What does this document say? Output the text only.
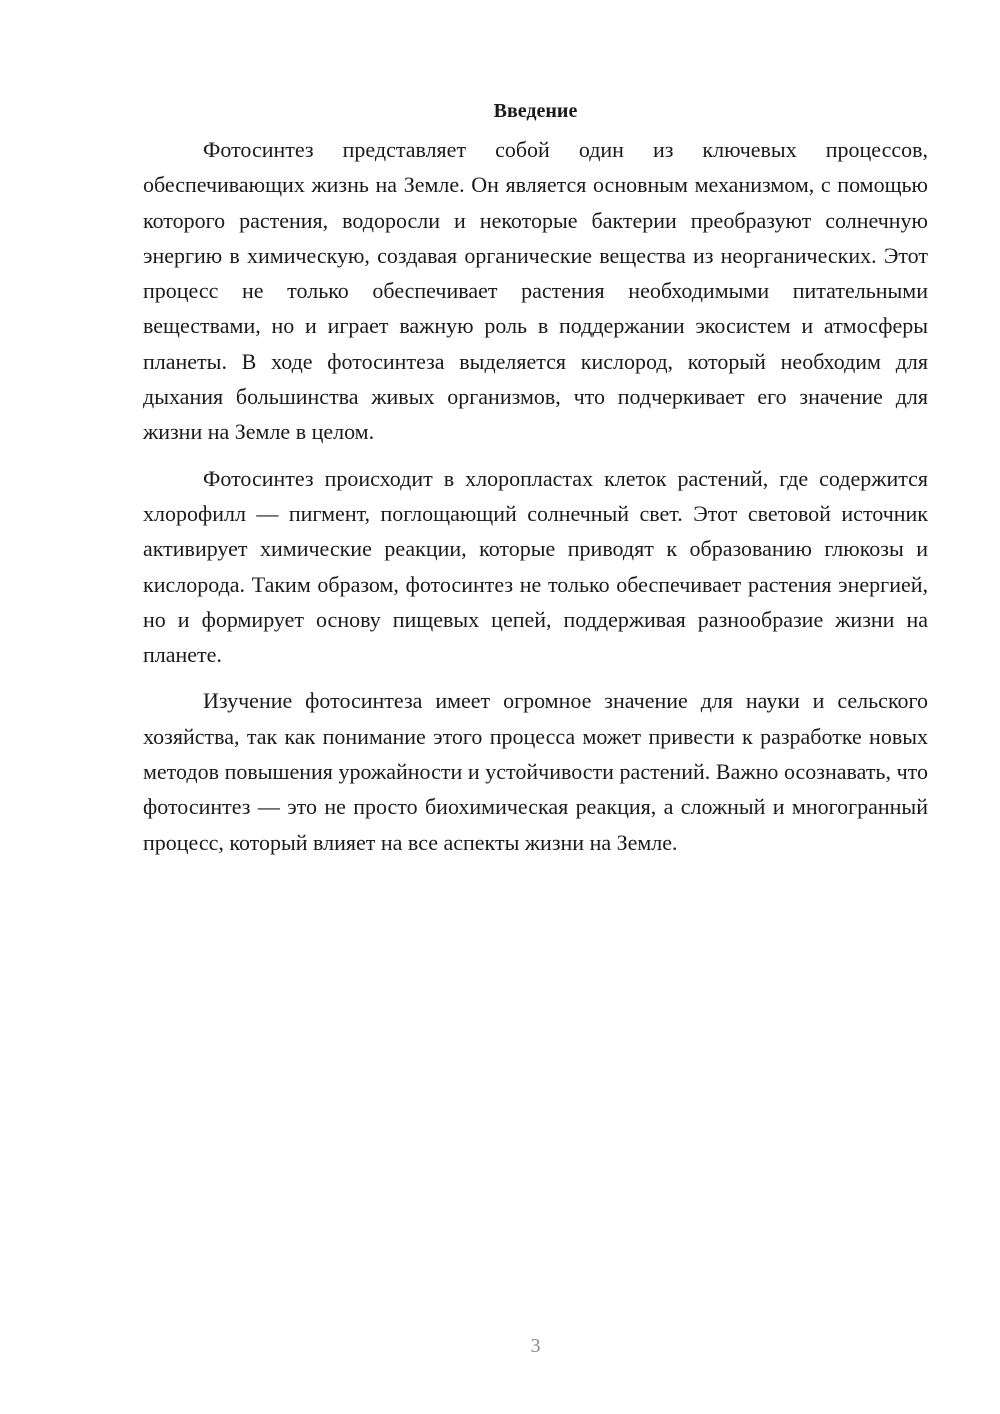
Введение

Фотосинтез представляет собой один из ключевых процессов, обеспечивающих жизнь на Земле. Он является основным механизмом, с помощью которого растения, водоросли и некоторые бактерии преобразуют солнечную энергию в химическую, создавая органические вещества из неорганических. Этот процесс не только обеспечивает растения необходимыми питательными веществами, но и играет важную роль в поддержании экосистем и атмосферы планеты. В ходе фотосинтеза выделяется кислород, который необходим для дыхания большинства живых организмов, что подчеркивает его значение для жизни на Земле в целом.

Фотосинтез происходит в хлоропластах клеток растений, где содержится хлорофилл — пигмент, поглощающий солнечный свет. Этот световой источник активирует химические реакции, которые приводят к образованию глюкозы и кислорода. Таким образом, фотосинтез не только обеспечивает растения энергией, но и формирует основу пищевых цепей, поддерживая разнообразие жизни на планете.

Изучение фотосинтеза имеет огромное значение для науки и сельского хозяйства, так как понимание этого процесса может привести к разработке новых методов повышения урожайности и устойчивости растений. Важно осознавать, что фотосинтез — это не просто биохимическая реакция, а сложный и многогранный процесс, который влияет на все аспекты жизни на Земле.

3
